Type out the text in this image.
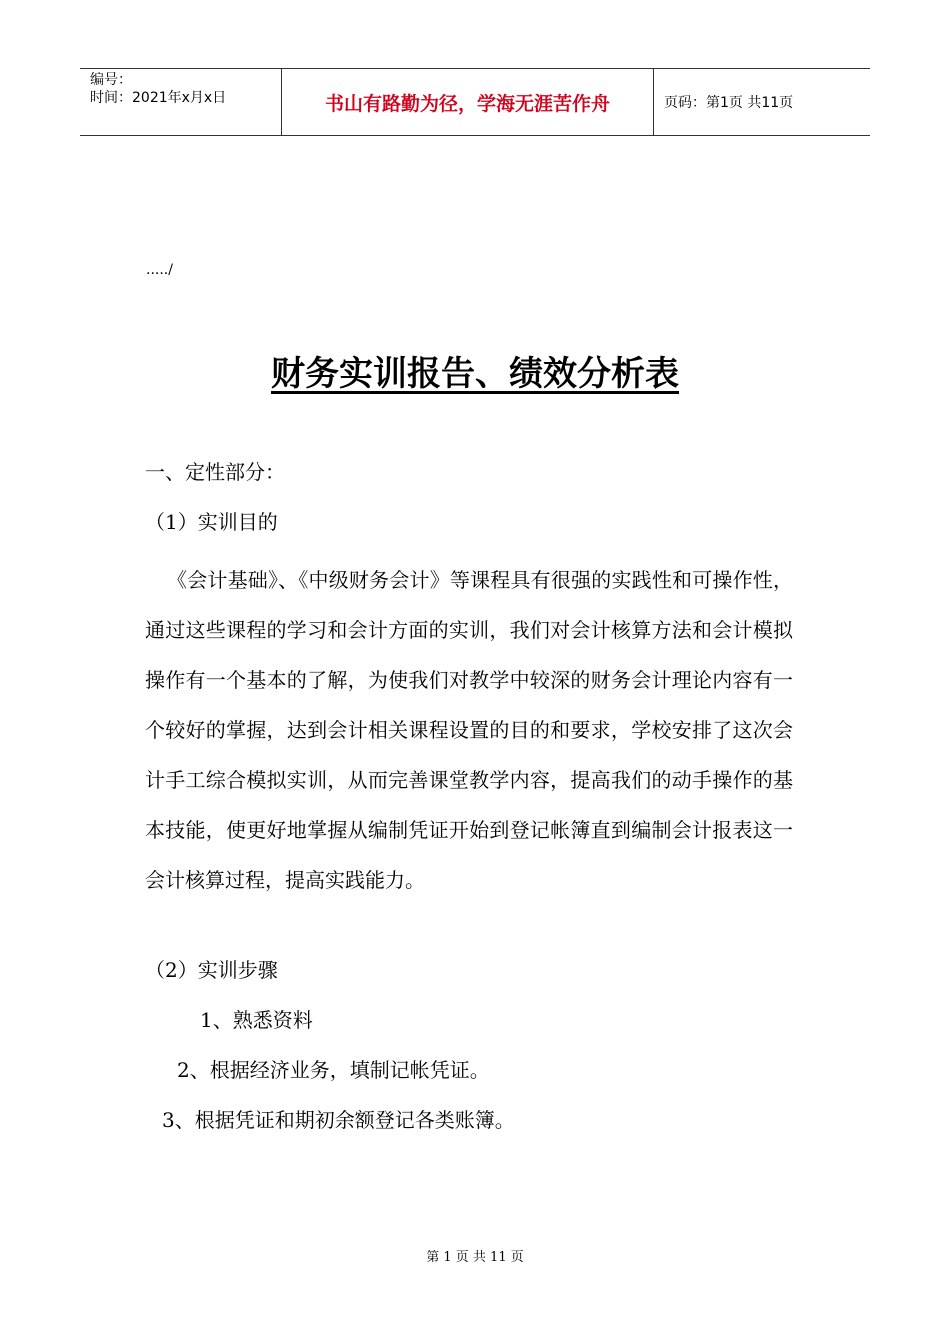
编号：
时间：2021年x月x日	书山有路勤为径，学海无涯苦作舟	页码：第1页 共11页
...../
财务实训报告、绩效分析表
一、定性部分：
（1）实训目的
《会计基础》、《中级财务会计》等课程具有很强的实践性和可操作性，通过这些课程的学习和会计方面的实训，我们对会计核算方法和会计模拟操作有一个基本的了解，为使我们对教学中较深的财务会计理论内容有一个较好的掌握，达到会计相关课程设置的目的和要求，学校安排了这次会计手工综合模拟实训，从而完善课堂教学内容，提高我们的动手操作的基本技能，使更好地掌握从编制凭证开始到登记帐簿直到编制会计报表这一会计核算过程，提高实践能力。
（2）实训步骤
1、熟悉资料
2、根据经济业务，填制记帐凭证。
3、根据凭证和期初余额登记各类账簿。
第 1 页 共 11 页
